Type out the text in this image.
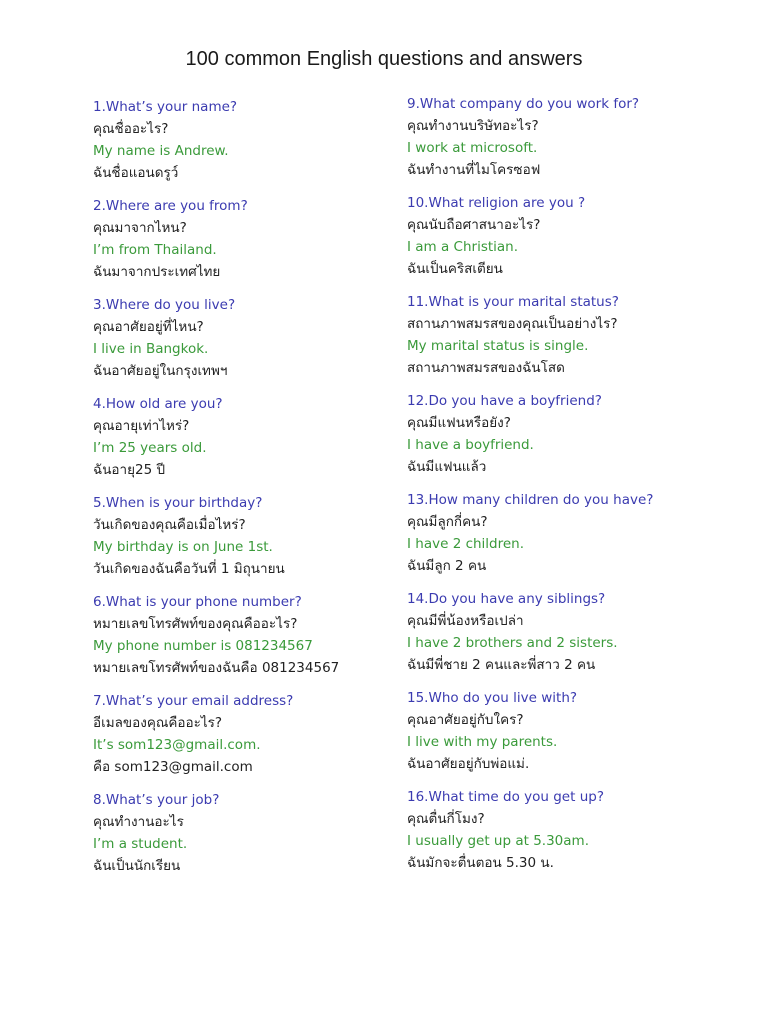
100 common English questions and answers
1.What’s your name?
คุณชื่ออะไร?
My name is Andrew.
ฉันชื่อแอนดรูว์
2.Where are you from?
คุณมาจากไหน?
I’m from Thailand.
ฉันมาจากประเทศไทย
3.Where do you live?
คุณอาศัยอยู่ที่ไหน?
I live in Bangkok.
ฉันอาศัยอยู่ในกรุงเทพฯ
4.How old are you?
คุณอายุเท่าไหร่?
I’m 25 years old.
ฉันอายุ25 ปี
5.When is your birthday?
วันเกิดของคุณคือเมื่อไหร่?
My birthday is on June 1st.
วันเกิดของฉันคือวันที่ 1 มิถุนายน
6.What is your phone number?
หมายเลขโทรศัพท์ของคุณคืออะไร?
My phone number is 081234567
หมายเลขโทรศัพท์ของฉันคือ 081234567
7.What’s your email address?
อีเมลของคุณคืออะไร?
It’s som123@gmail.com.
คือ som123@gmail.com
8.What’s your job?
คุณทำงานอะไร
I’m a student.
ฉันเป็นนักเรียน
9.What company do you work for?
คุณทำงานบริษัทอะไร?
I work at microsoft.
ฉันทำงานที่ไมโครซอฟ
10.What religion are you ?
คุณนับถือศาสนาอะไร?
I am a Christian.
ฉันเป็นคริสเตียน
11.What is your marital status?
สถานภาพสมรสของคุณเป็นอย่างไร?
My marital status is single.
สถานภาพสมรสของฉันโสด
12.Do you have a boyfriend?
คุณมีแฟนหรือยัง?
I have a boyfriend.
ฉันมีแฟนแล้ว
13.How many children do you have?
คุณมีลูกกี่คน?
I have 2 children.
ฉันมีลูก 2 คน
14.Do you have any siblings?
คุณมีพี่น้องหรือเปล่า
I have 2 brothers and 2 sisters.
ฉันมีพี่ชาย 2 คนและพี่สาว 2 คน
15.Who do you live with?
คุณอาศัยอยู่กับใคร?
I live with my parents.
ฉันอาศัยอยู่กับพ่อแม่.
16.What time do you get up?
คุณตื่นกี่โมง?
I usually get up at 5.30am.
ฉันมักจะตื่นตอน 5.30 น.
